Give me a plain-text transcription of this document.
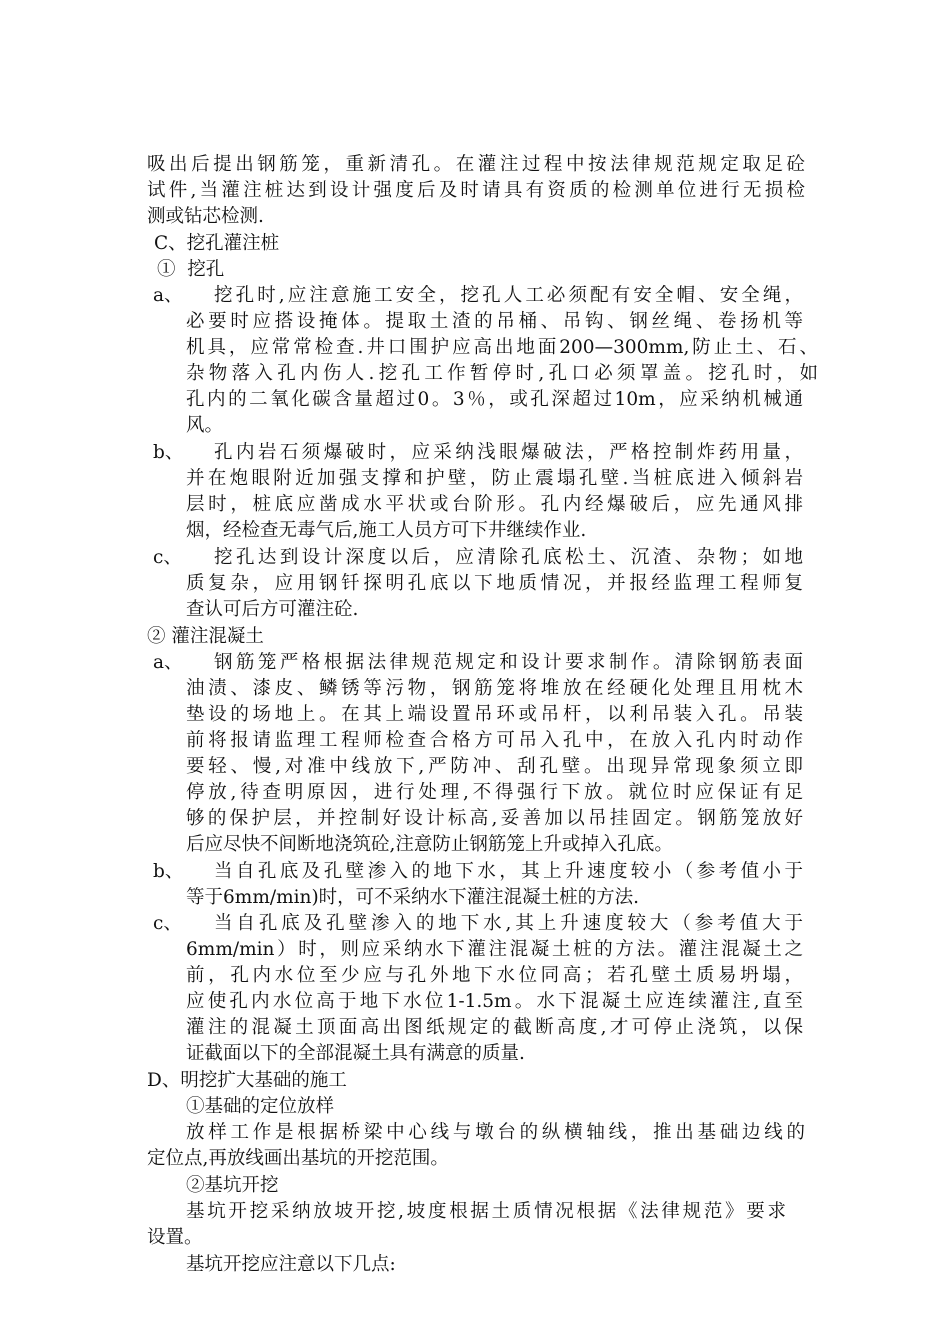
吸出后提出钢筋笼，重新清孔。在灌注过程中按法律规范规定取足砼
试件,当灌注桩达到设计强度后及时请具有资质的检测单位进行无损检
测或钻芯检测.
C、挖孔灌注桩
①  挖孔
a、 挖孔时,应注意施工安全，挖孔人工必须配有安全帽、安全绳，
必要时应搭设掩体。提取土渣的吊桶、吊钩、钢丝绳、卷扬机等
机具，应常常检查.井口围护应高出地面200—300mm,防止土、石、
杂物落入孔内伤人.挖孔工作暂停时,孔口必须罩盖。挖孔时，如
孔内的二氧化碳含量超过0。3％，或孔深超过10m，应采纳机械通
风。
b、 孔内岩石须爆破时，应采纳浅眼爆破法，严格控制炸药用量，
并在炮眼附近加强支撑和护壁，防止震塌孔壁.当桩底进入倾斜岩
层时，桩底应凿成水平状或台阶形。孔内经爆破后，应先通风排
烟，经检查无毒气后,施工人员方可下井继续作业.
c、 挖孔达到设计深度以后，应清除孔底松土、沉渣、杂物；如地
质复杂，应用钢钎探明孔底以下地质情况，并报经监理工程师复
查认可后方可灌注砼.
② 灌注混凝土
a、 钢筋笼严格根据法律规范规定和设计要求制作。清除钢筋表面
油渍、漆皮、鳞锈等污物，钢筋笼将堆放在经硬化处理且用枕木
垫设的场地上。在其上端设置吊环或吊杆，以利吊装入孔。吊装
前将报请监理工程师检查合格方可吊入孔中，在放入孔内时动作
要轻、慢,对准中线放下,严防冲、刮孔壁。出现异常现象须立即
停放,待查明原因，进行处理,不得强行下放。就位时应保证有足
够的保护层，并控制好设计标高,妥善加以吊挂固定。钢筋笼放好
后应尽快不间断地浇筑砼,注意防止钢筋笼上升或掉入孔底。
b、 当自孔底及孔壁渗入的地下水，其上升速度较小（参考值小于
等于6mm/min)时，可不采纳水下灌注混凝土桩的方法.
c、 当自孔底及孔壁渗入的地下水,其上升速度较大（参考值大于
6mm/min）时，则应采纳水下灌注混凝土桩的方法。灌注混凝土之
前，孔内水位至少应与孔外地下水位同高；若孔壁土质易坍塌，
应使孔内水位高于地下水位1-1.5m。水下混凝土应连续灌注,直至
灌注的混凝土顶面高出图纸规定的截断高度,才可停止浇筑，以保
证截面以下的全部混凝土具有满意的质量.
D、明挖扩大基础的施工
①基础的定位放样
放样工作是根据桥梁中心线与墩台的纵横轴线，推出基础边线的
定位点,再放线画出基坑的开挖范围。
②基坑开挖
基坑开挖采纳放坡开挖,坡度根据土质情况根据《法律规范》要求
设置。
基坑开挖应注意以下几点:
